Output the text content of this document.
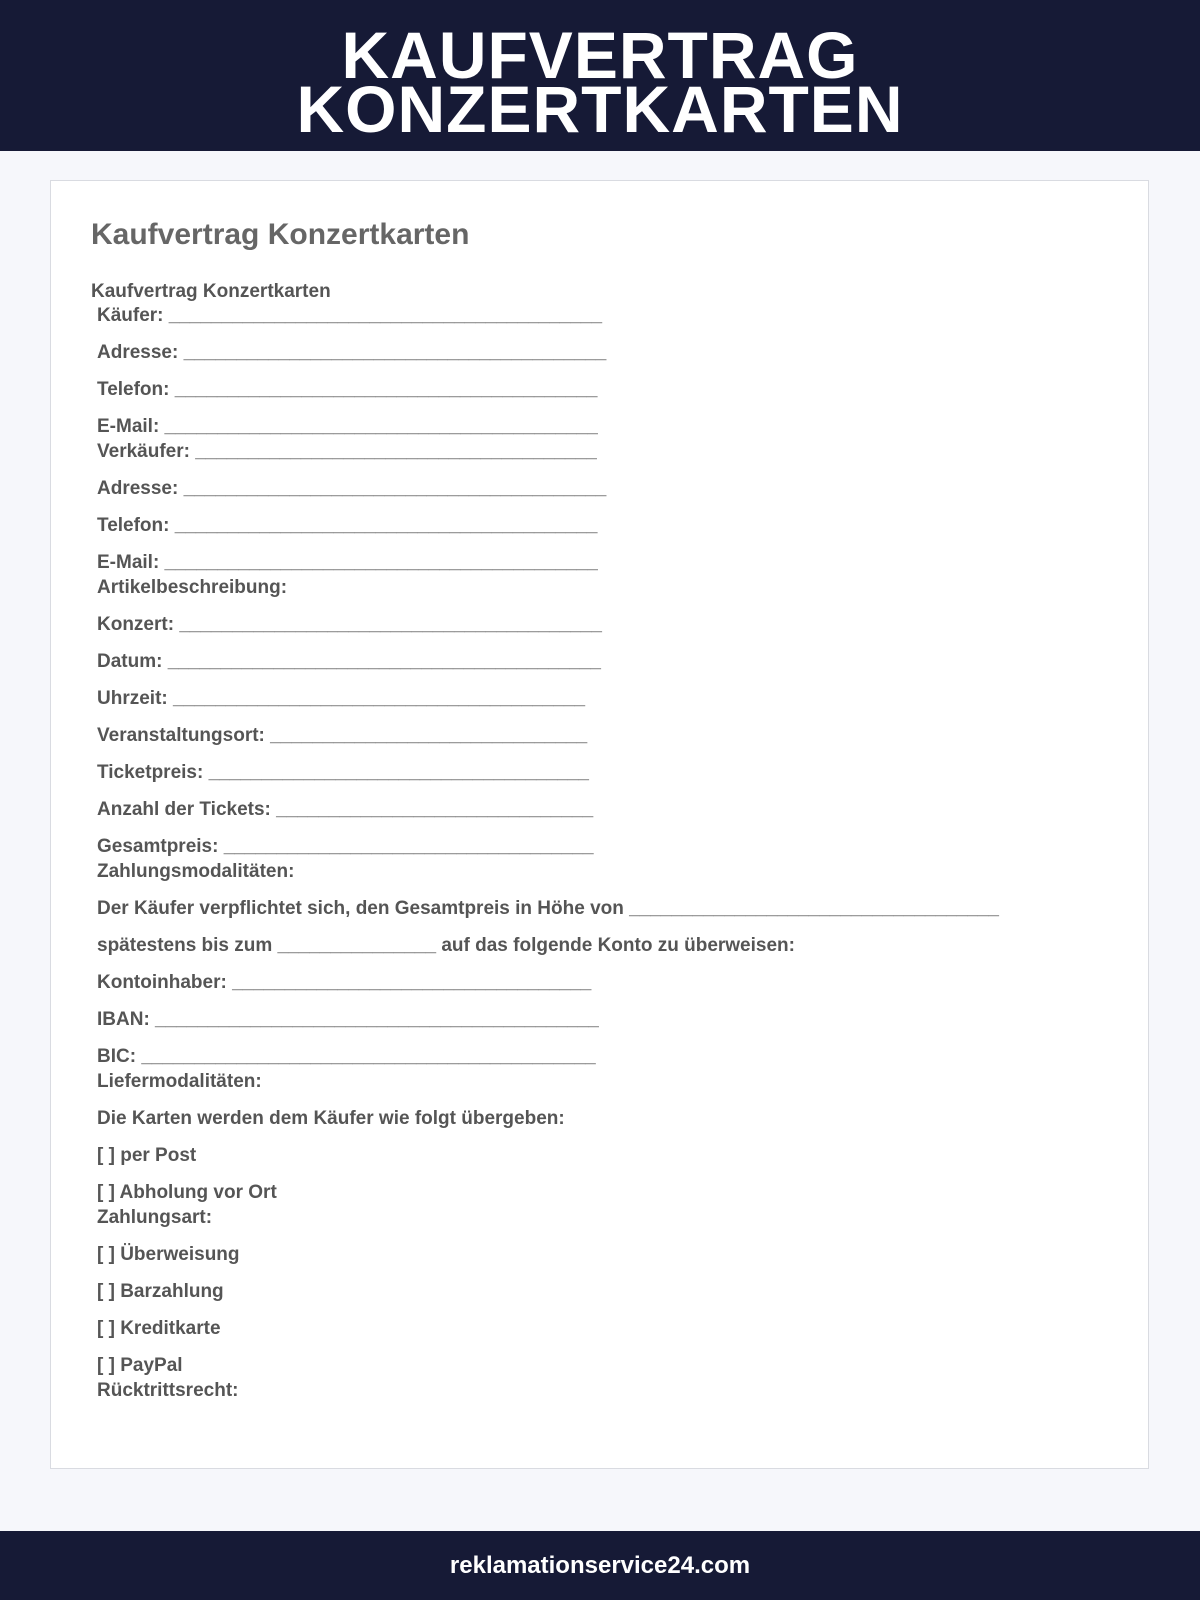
KAUFVERTRAG
KONZERTKARTEN
Kaufvertrag Konzertkarten
Kaufvertrag Konzertkarten
Käufer: _________________________________________
Adresse: ________________________________________
Telefon: ________________________________________
E-Mail: _________________________________________
Verkäufer: ______________________________________
Adresse: ________________________________________
Telefon: ________________________________________
E-Mail: _________________________________________
Artikelbeschreibung:
Konzert: ________________________________________
Datum: _________________________________________
Uhrzeit: _______________________________________
Veranstaltungsort: ______________________________
Ticketpreis: ____________________________________
Anzahl der Tickets: ______________________________
Gesamtpreis: ___________________________________
Zahlungsmodalitäten:
Der Käufer verpflichtet sich, den Gesamtpreis in Höhe von ___________________________________
spätestens bis zum _______________ auf das folgende Konto zu überweisen:
Kontoinhaber: __________________________________
IBAN: __________________________________________
BIC: ___________________________________________
Liefermodalitäten:
Die Karten werden dem Käufer wie folgt übergeben:
[ ] per Post
[ ] Abholung vor Ort
Zahlungsart:
[ ] Überweisung
[ ] Barzahlung
[ ] Kreditkarte
[ ] PayPal
Rücktrittsrecht:
reklamationservice24.com
